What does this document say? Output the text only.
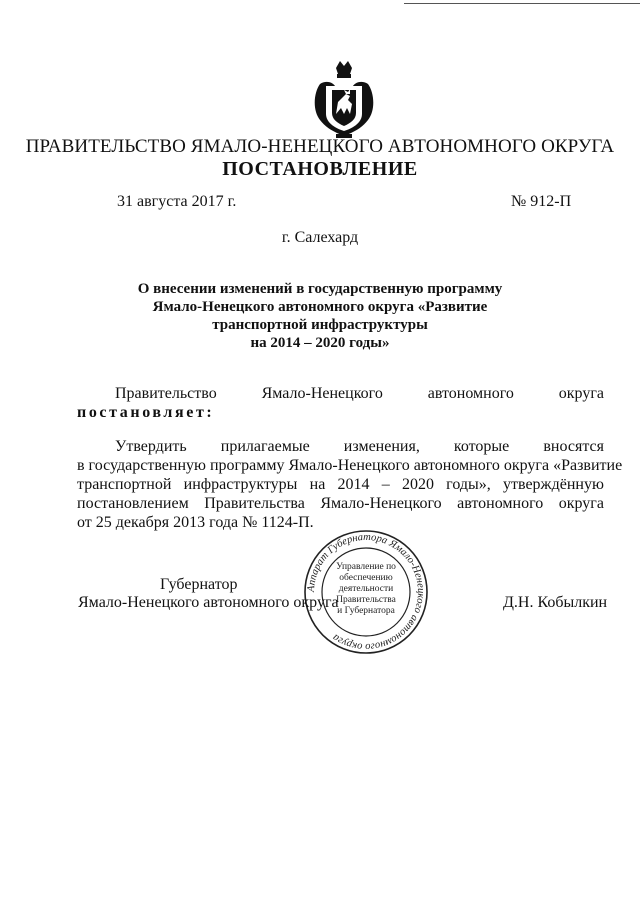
ПРАВИТЕЛЬСТВО ЯМАЛО-НЕНЕЦКОГО АВТОНОМНОГО ОКРУГА
ПОСТАНОВЛЕНИЕ
31 августа 2017 г.	№ 912-П
г. Салехард
О внесении изменений в государственную программу
Ямало-Ненецкого автономного округа «Развитие
транспортной инфраструктуры
на 2014 – 2020 годы»
Правительство	Ямало-Ненецкого	автономного	округа
постановляет:
Утвердить прилагаемые изменения, которые вносятся
в государственную программу Ямало-Ненецкого автономного округа «Развитие
транспортной инфраструктуры на 2014 – 2020 годы», утверждённую
постановлением Правительства Ямало-Ненецкого автономного округа
от 25 декабря 2013 года № 1124-П.
Аппарат Губернатора Ямало-Ненецкого автономного округа
Управление по
обеспечению
деятельности
Правительства
и Губернатора
Губернатор
Ямало-Ненецкого автономного округа	Д.Н. Кобылкин
